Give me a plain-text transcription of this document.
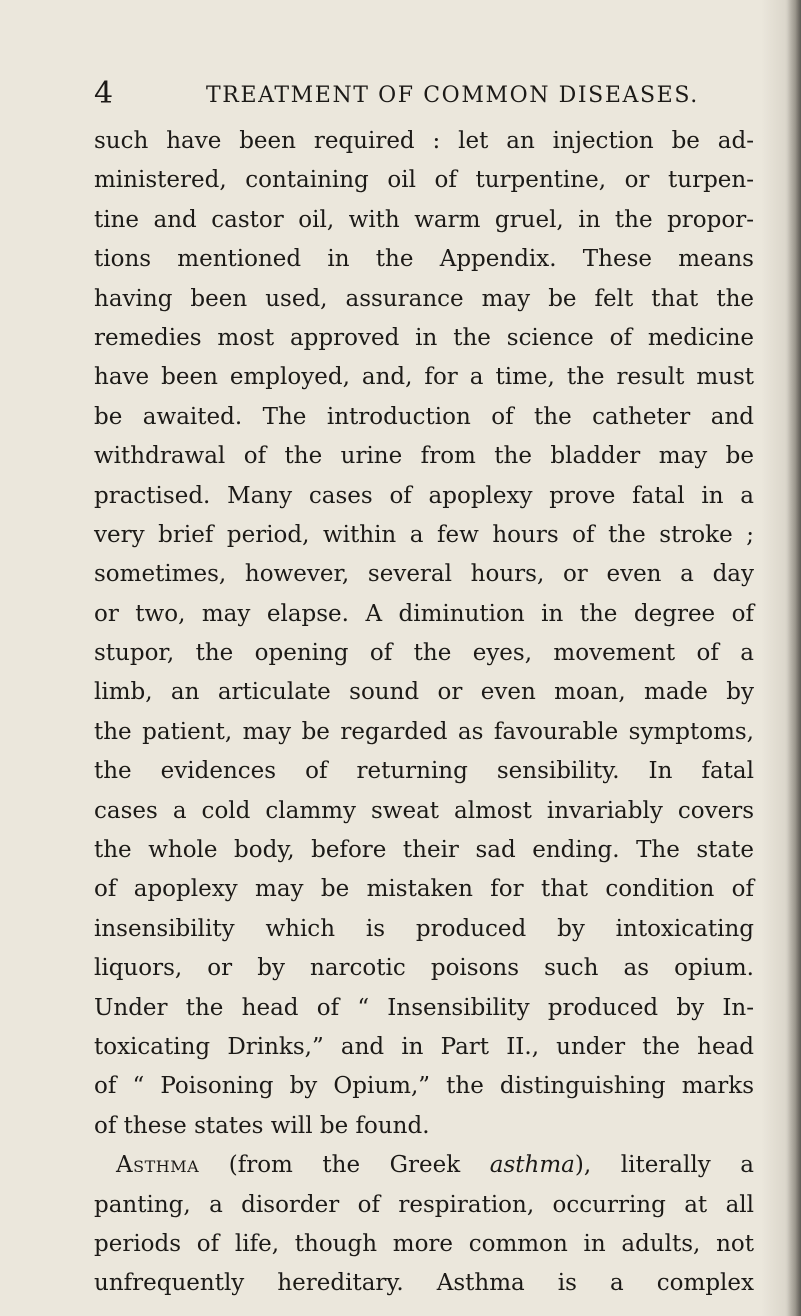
4	TREATMENT OF COMMON DISEASES.
such have been required : let an injection be ad-
ministered, containing oil of turpentine, or turpen-
tine and castor oil, with warm gruel, in the propor-
tions mentioned in the Appendix. These means
having been used, assurance may be felt that the
remedies most approved in the science of medicine
have been employed, and, for a time, the result must
be awaited. The introduction of the catheter and
withdrawal of the urine from the bladder may be
practised. Many cases of apoplexy prove fatal in a
very brief period, within a few hours of the stroke ;
sometimes, however, several hours, or even a day
or two, may elapse. A diminution in the degree of
stupor, the opening of the eyes, movement of a
limb, an articulate sound or even moan, made by
the patient, may be regarded as favourable symptoms,
the evidences of returning sensibility. In fatal
cases a cold clammy sweat almost invariably covers
the whole body, before their sad ending. The state
of apoplexy may be mistaken for that condition of
insensibility which is produced by intoxicating
liquors, or by narcotic poisons such as opium.
Under the head of “ Insensibility produced by In-
toxicating Drinks,” and in Part II., under the head
of “ Poisoning by Opium,” the distinguishing marks
of these states will be found.
Asthma (from the Greek asthma), literally a
panting, a disorder of respiration, occurring at all
periods of life, though more common in adults, not
unfrequently hereditary. Asthma is a complex
